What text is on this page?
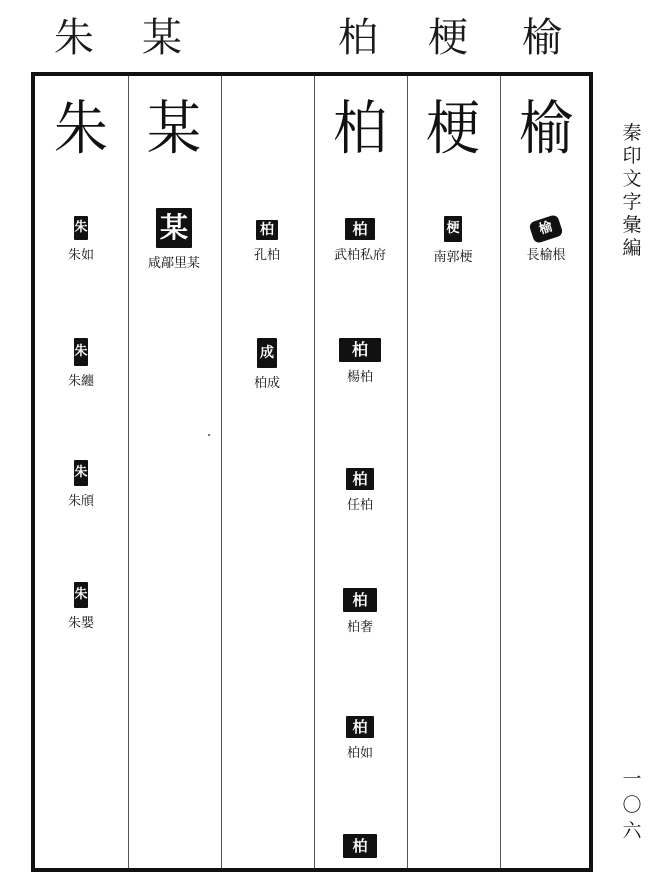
朱 某	柏 梗 榆
朱
朱
朱如
朱
朱纏
朱
朱頎
朱
朱嬰
某
某
咸鄗里某
柏
孔柏
成
柏成
柏
柏
武柏私府
柏
楊柏
柏
任柏
柏
柏奢
柏
柏如
柏
梗
梗
南郭梗
榆
榆
長榆根
秦
印
文
字
彙
編
一
〇
六
